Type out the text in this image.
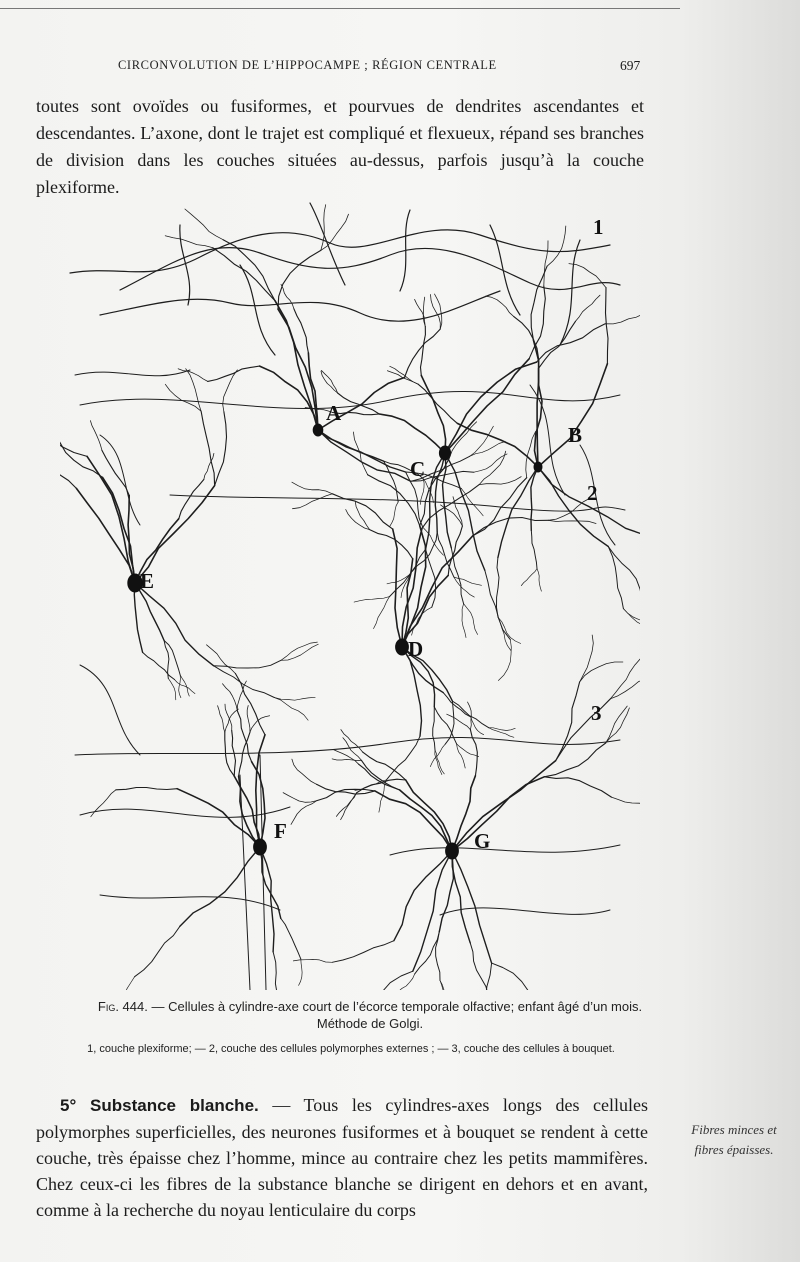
CIRCONVOLUTION DE L’HIPPOCAMPE ; RÉGION CENTRALE	697

toutes sont ovoïdes ou fusiformes, et pourvues de dendrites ascendantes et descendantes. L’axone, dont le trajet est compliqué et flexueux, répand ses branches de division dans les couches situées au-dessus, parfois jusqu’à la couche plexiforme.

1
2
3
A
B
C
D
E
F	G
Fig. 444. — Cellules à cylindre-axe court de l’écorce temporale olfactive; enfant âgé d’un mois. Méthode de Golgi.
1, couche plexiforme; — 2, couche des cellules polymorphes externes ; — 3, couche des cellules à bouquet.
5° Substance blanche. — Tous les cylindres-axes longs des cellules polymorphes superficielles, des neurones fusiformes et à bouquet se rendent à cette couche, très épaisse chez l’homme, mince au contraire chez les petits mammifères. Chez ceux-ci les fibres de la substance blanche se dirigent en dehors et en avant, comme à la recherche du noyau lenticulaire du corps
Fibres minces et fibres épaisses.
